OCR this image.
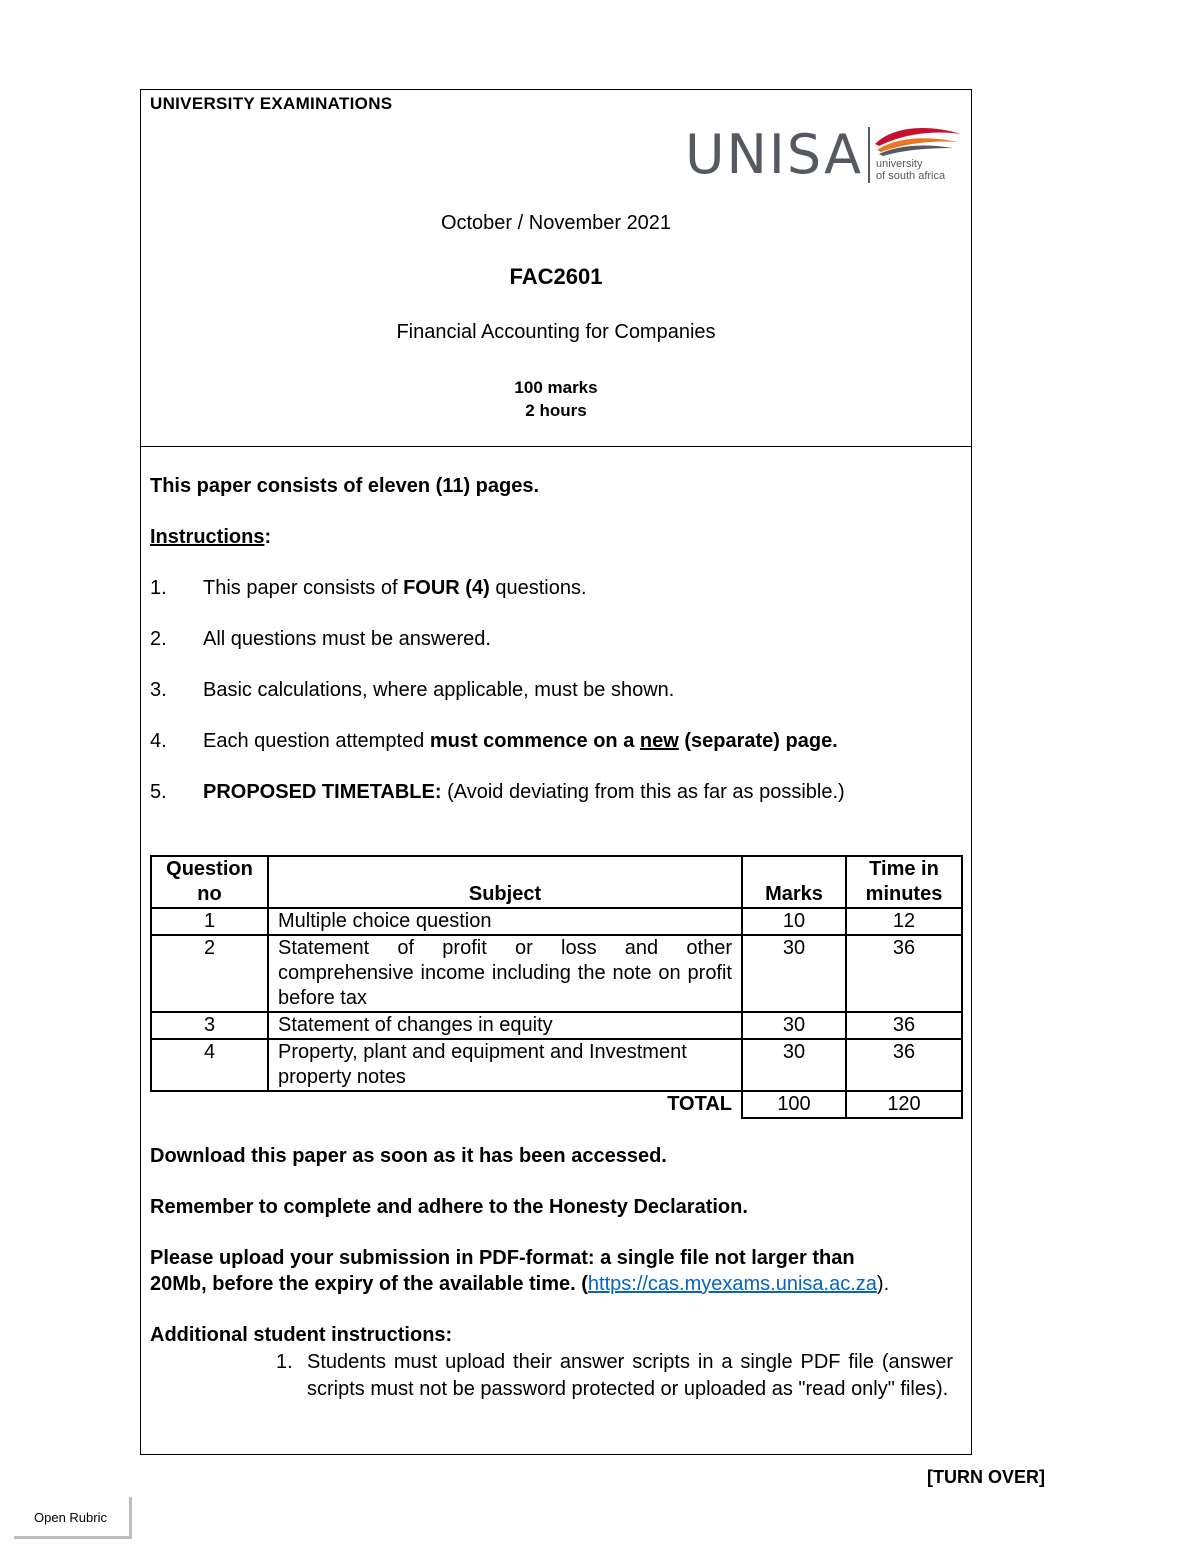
UNIVERSITY EXAMINATIONS
UNISA university
of south africa
October / November 2021
FAC2601
Financial Accounting for Companies
100 marks
2 hours
This paper consists of eleven (11) pages.
Instructions:
1. This paper consists of FOUR (4) questions.
2. All questions must be answered.
3. Basic calculations, where applicable, must be shown.
4. Each question attempted must commence on a new (separate) page.
5. PROPOSED TIMETABLE: (Avoid deviating from this as far as possible.)
Question no	Subject	Marks	Time in minutes
1	Multiple choice question	10	12
2	Statement of profit or loss and other comprehensive income including the note on profit before tax	30	36
3	Statement of changes in equity	30	36
4	Property, plant and equipment and Investment property notes	30	36
TOTAL		100	120
Download this paper as soon as it has been accessed.
Remember to complete and adhere to the Honesty Declaration.
Please upload your submission in PDF-format: a single file not larger than
20Mb, before the expiry of the available time. (https://cas.myexams.unisa.ac.za).
Additional student instructions:
1. Students must upload their answer scripts in a single PDF file (answer scripts must not be password protected or uploaded as "read only" files).
[TURN OVER]
Open Rubric
